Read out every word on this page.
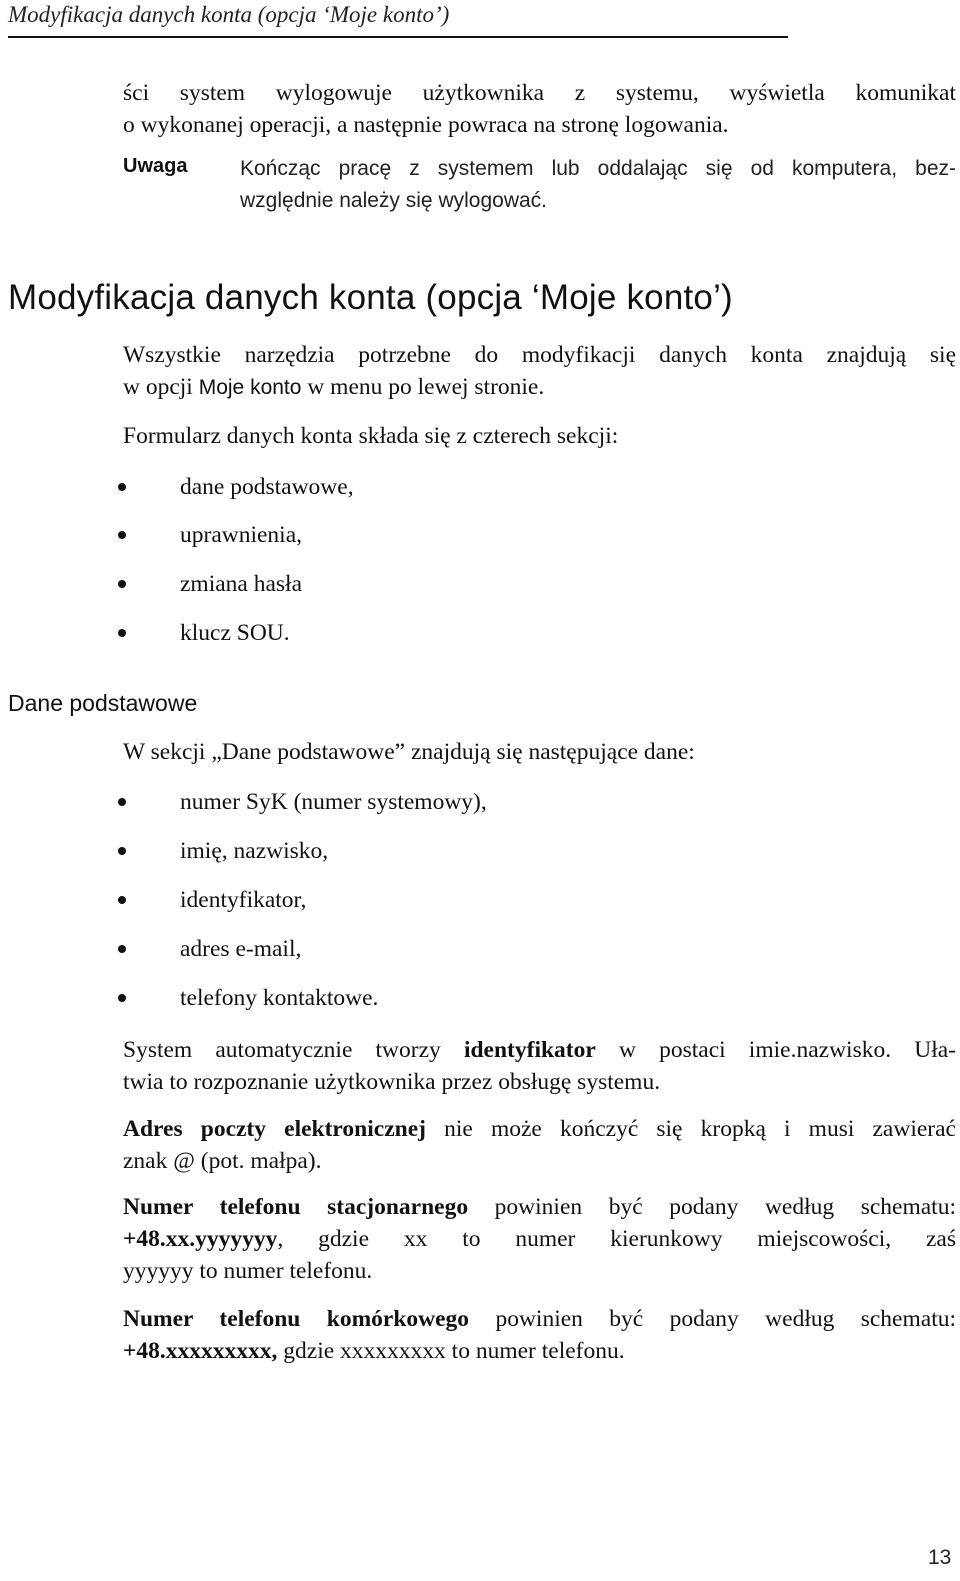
Modyfikacja danych konta (opcja ‘Moje konto’)
ści system wylogowuje użytkownika z systemu, wyświetla komunikat
o wykonanej operacji, a następnie powraca na stronę logowania.
Uwaga	Kończąc pracę z systemem lub oddalając się od komputera, bez-
względnie należy się wylogować.
Modyfikacja danych konta (opcja ‘Moje konto’)
Wszystkie narzędzia potrzebne do modyfikacji danych konta znajdują się
w opcji Moje konto w menu po lewej stronie.
Formularz danych konta składa się z czterech sekcji:
dane podstawowe,
uprawnienia,
zmiana hasła
klucz SOU.
Dane podstawowe
W sekcji „Dane podstawowe” znajdują się następujące dane:
numer SyK (numer systemowy),
imię, nazwisko,
identyfikator,
adres e-mail,
telefony kontaktowe.
System automatycznie tworzy identyfikator w postaci imie.nazwisko. Uła-
twia to rozpoznanie użytkownika przez obsługę systemu.
Adres poczty elektronicznej nie może kończyć się kropką i musi zawierać
znak @ (pot. małpa).
Numer telefonu stacjonarnego powinien być podany według schematu:
+48.xx.yyyyyyy, gdzie xx to numer kierunkowy miejscowości, zaś
yyyyyy to numer telefonu.
Numer telefonu komórkowego powinien być podany według schematu:
+48.xxxxxxxxx, gdzie xxxxxxxxx to numer telefonu.
13
